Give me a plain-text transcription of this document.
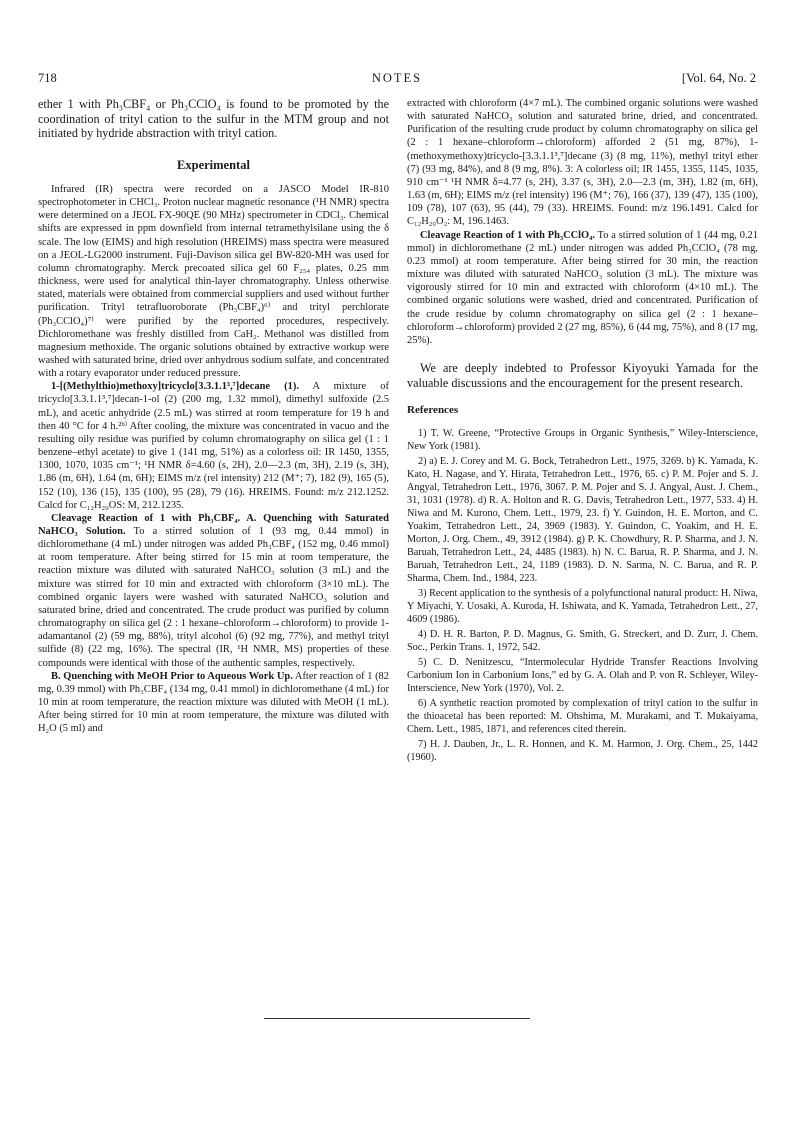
718	NOTES	[Vol. 64, No. 2

ether 1 with Ph₃CBF₄ or Ph₃CClO₄ is found to be promoted by the coordination of trityl cation to the sulfur in the MTM group and not initiated by hydride abstraction with trityl cation.

Experimental

Infrared (IR) spectra were recorded on a JASCO Model IR-810 spectrophotometer in CHCl₃. Proton nuclear magnetic resonance (¹H NMR) spectra were determined on a JEOL FX-90QE (90 MHz) spectrometer in CDCl₃. Chemical shifts are expressed in ppm downfield from internal tetramethylsilane using the δ scale. The low (EIMS) and high resolution (HREIMS) mass spectra were measured on a JEOL-LG2000 instrument. Fuji-Davison silica gel BW-820-MH was used for column chromatography. Merck precoated silica gel 60 F₂₅₄ plates, 0.25 mm thickness, were used for analytical thin-layer chromatography. Unless otherwise stated, materials were obtained from commercial suppliers and used without further purification. Trityl tetrafluoroborate (Ph₃CBF₄)⁶⁾ and trityl perchlorate (Ph₃CClO₄)⁷⁾ were purified by the reported procedures, respectively. Dichloromethane was freshly distilled from CaH₂. Methanol was distilled from magnesium methoxide. The organic solutions obtained by extractive workup were washed with saturated brine, dried over anhydrous sodium sulfate, and concentrated with a rotary evaporator under reduced pressure.

1-[(Methylthio)methoxy]tricyclo[3.3.1.1³,⁷]decane (1). A mixture of tricyclo[3.3.1.1³,⁷]decan-1-ol (2) (200 mg, 1.32 mmol), dimethyl sulfoxide (2.5 mL), and acetic anhydride (2.5 mL) was stirred at room temperature for 19 h and then 40 °C for 4 h.²ᵇ⁾ After cooling, the mixture was concentrated in vacuo and the resulting oily residue was purified by column chromatography on silica gel (1 : 1 benzene–ethyl acetate) to give 1 (141 mg, 51%) as a colorless oil: IR 1450, 1355, 1300, 1070, 1035 cm⁻¹; ¹H NMR δ=4.60 (s, 2H), 2.0—2.3 (m, 3H), 2.19 (s, 3H), 1.86 (m, 6H), 1.64 (m, 6H); EIMS m/z (rel intensity) 212 (M⁺; 7), 182 (9), 165 (5), 152 (10), 136 (15), 135 (100), 95 (28), 79 (16). HREIMS. Found: m/z 212.1252. Calcd for C₁₂H₂₀OS: M, 212.1235.

Cleavage Reaction of 1 with Ph₃CBF₄. A. Quenching with Saturated NaHCO₃ Solution. To a stirred solution of 1 (93 mg, 0.44 mmol) in dichloromethane (4 mL) under nitrogen was added Ph₃CBF₄ (152 mg, 0.46 mmol) at room temperature. After being stirred for 15 min at room temperature, the reaction mixture was diluted with saturated NaHCO₃ solution (3 mL) and the mixture was stirred for 10 min and extracted with chloroform (3×10 mL). The combined organic layers were washed with saturated NaHCO₃ solution and saturated brine, dried and concentrated. The crude product was purified by column chromatography on silica gel (2 : 1 hexane–chloroform→chloroform) to provide 1-adamantanol (2) (59 mg, 88%), trityl alcohol (6) (92 mg, 77%), and methyl trityl sulfide (8) (22 mg, 16%). The spectral (IR, ¹H NMR, MS) properties of these compounds were identical with those of the authentic samples, respectively.

B. Quenching with MeOH Prior to Aqueous Work Up. After reaction of 1 (82 mg, 0.39 mmol) with Ph₃CBF₄ (134 mg, 0.41 mmol) in dichloromethane (4 mL) for 10 min at room temperature, the reaction mixture was diluted with MeOH (1 mL). After being stirred for 10 min at room temperature, the mixture was diluted with H₂O (5 ml) and

extracted with chloroform (4×7 mL). The combined organic solutions were washed with saturated NaHCO₃ solution and saturated brine, dried, and concentrated. Purification of the resulting crude product by column chromatography on silica gel (2 : 1 hexane–chloroform→chloroform) afforded 2 (51 mg, 87%), 1-(methoxymethoxy)tricyclo-[3.3.1.1³,⁷]decane (3) (8 mg, 11%), methyl trityl ether (7) (93 mg, 84%), and 8 (9 mg, 8%). 3: A colorless oil; IR 1455, 1355, 1145, 1035, 910 cm⁻¹ ¹H NMR δ=4.77 (s, 2H), 3.37 (s, 3H), 2.0—2.3 (m, 3H), 1.82 (m, 6H), 1.63 (m, 6H); EIMS m/z (rel intensity) 196 (M⁺; 76), 166 (37), 139 (47), 135 (100), 109 (78), 107 (63), 95 (44), 79 (33). HREIMS. Found: m/z 196.1491. Calcd for C₁₂H₂₀O₂: M, 196.1463.

Cleavage Reaction of 1 with Ph₃CClO₄. To a stirred solution of 1 (44 mg, 0.21 mmol) in dichloromethane (2 mL) under nitrogen was added Ph₃CClO₄ (78 mg, 0.23 mmol) at room temperature. After being stirred for 30 min, the reaction mixture was diluted with saturated NaHCO₃ solution (3 mL). The mixture was vigorously stirred for 10 min and extracted with chloroform (4×10 mL). The combined organic solutions were washed, dried and concentrated. Purification of the crude residue by column chromatography on silica gel (2 : 1 hexane–chloroform→chloroform) provided 2 (27 mg, 85%), 6 (44 mg, 75%), and 8 (17 mg, 25%).

We are deeply indebted to Professor Kiyoyuki Yamada for the valuable discussions and the encouragement for the present research.

References

1) T. W. Greene, “Protective Groups in Organic Synthesis,” Wiley-Interscience, New York (1981).

2) a) E. J. Corey and M. G. Bock, Tetrahedron Lett., 1975, 3269. b) K. Yamada, K. Kato, H. Nagase, and Y. Hirata, Tetrahedron Lett., 1976, 65. c) P. M. Pojer and S. J. Angyal, Tetrahedron Lett., 1976, 3067. P. M. Pojer and S. J. Angyal, Aust. J. Chem., 31, 1031 (1978). d) R. A. Holton and R. G. Davis, Tetrahedron Lett., 1977, 533. 4) H. Niwa and M. Kurono, Chem. Lett., 1979, 23. f) Y. Guindon, H. E. Morton, and C. Yoakim, Tetrahedron Lett., 24, 3969 (1983). Y. Guindon, C. Yoakim, and H. E. Morton, J. Org. Chem., 49, 3912 (1984). g) P. K. Chowdhury, R. P. Sharma, and J. N. Baruah, Tetrahedron Lett., 24, 4485 (1983). h) N. C. Barua, R. P. Sharma, and J. N. Baruah, Tetrahedron Lett., 24, 1189 (1983). D. N. Sarma, N. C. Barua, and R. P. Sharma, Chem. Ind., 1984, 223.

3) Recent application to the synthesis of a polyfunctional natural product: H. Niwa, Y Miyachi, Y. Uosaki, A. Kuroda, H. Ishiwata, and K. Yamada, Tetrahedron Lett., 27, 4609 (1986).

4) D. H. R. Barton, P. D. Magnus, G. Smith, G. Streckert, and D. Zurr, J. Chem. Soc., Perkin Trans. 1, 1972, 542.

5) C. D. Nenitzescu, “Intermolecular Hydride Transfer Reactions Involving Carbonium Ion in Carbonium Ions,” ed by G. A. Olah and P. von R. Schleyer, Wiley-Interscience, New York (1970), Vol. 2.

6) A synthetic reaction promoted by complexation of trityl cation to the sulfur in the thioacetal has been reported: M. Ohshima, M. Murakami, and T. Mukaiyama, Chem. Lett., 1985, 1871, and references cited therein.

7) H. J. Dauben, Jr., L. R. Honnen, and K. M. Harmon, J. Org. Chem., 25, 1442 (1960).
